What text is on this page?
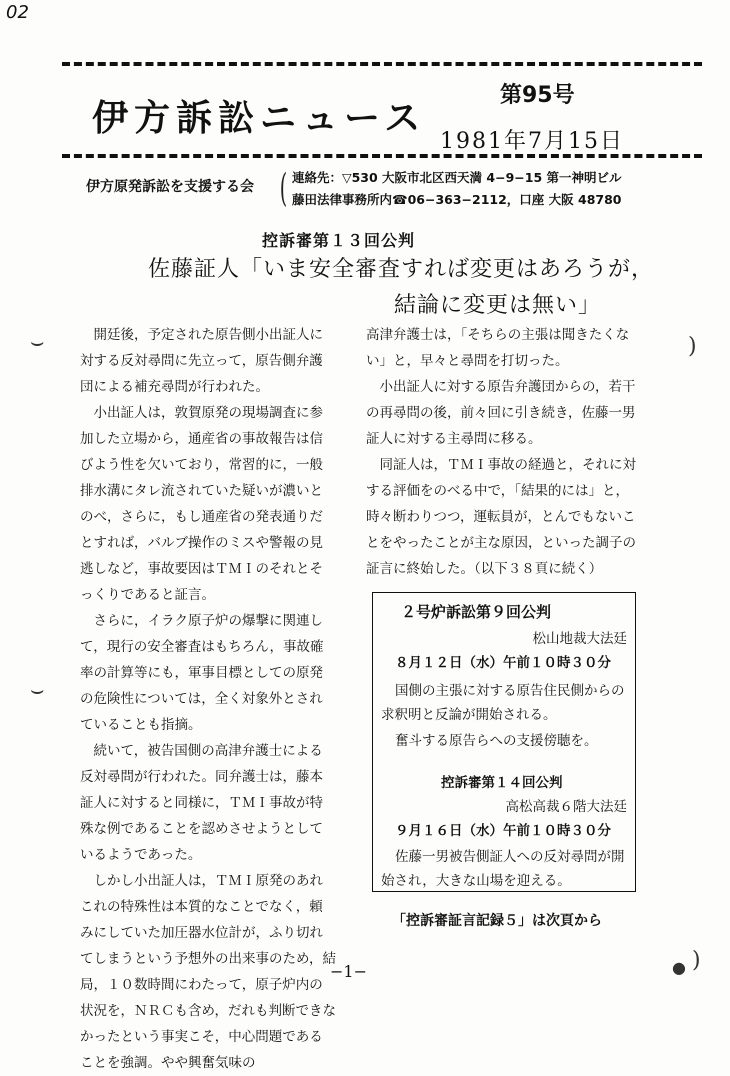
02
第95号
伊方訴訟ニュース
1981年7月15日
伊方原発訴訟を支援する会 ( 連絡先：▽530 大阪市北区西天満 4−9−15 第一神明ビル
藤田法律事務所内☎06−363−2112，口座 大阪 48780
控訴審第１３回公判
佐藤証人「いま安全審査すれば変更はあろうが，
結論に変更は無い」

開廷後，予定された原告側小出証人に対する反対尋問に先立って，原告側弁護団による補充尋問が行われた。

小出証人は，敦賀原発の現場調査に参加した立場から，通産省の事故報告は信びよう性を欠いており，常習的に，一般排水溝にタレ流されていた疑いが濃いとのべ，さらに，もし通産省の発表通りだとすれば，バルブ操作のミスや警報の見逃しなど，事故要因はＴＭＩのそれとそっくりであると証言。

さらに，イラク原子炉の爆撃に関連して，現行の安全審査はもちろん，事故確率の計算等にも，軍事目標としての原発の危険性については，全く対象外とされていることも指摘。

続いて，被告国側の高津弁護士による反対尋問が行われた。同弁護士は，藤本証人に対すると同様に，ＴＭＩ事故が特殊な例であることを認めさせようとしているようであった。

しかし小出証人は，ＴＭＩ原発のあれこれの特殊性は本質的なことでなく，頼みにしていた加圧器水位計が，ふり切れてしまうという予想外の出来事のため，結局，１０数時間にわたって，原子炉内の状況を，ＮＲＣも含め，だれも判断できなかったという事実こそ，中心問題であることを強調。やや興奮気味の

高津弁護士は，「そちらの主張は聞きたくない」と，早々と尋問を打切った。

小出証人に対する原告弁護団からの，若干の再尋問の後，前々回に引き続き，佐藤一男証人に対する主尋問に移る。

同証人は，ＴＭＩ事故の経過と，それに対する評価をのべる中で，「結果的には」と，時々断わりつつ，運転員が，とんでもないことをやったことが主な原因，といった調子の証言に終始した。（以下３８頁に続く）

２号炉訴訟第９回公判
松山地裁大法廷
８月１２日（水）午前１０時３０分
国側の主張に対する原告住民側からの
求釈明と反論が開始される。
奮斗する原告らへの支援傍聴を。
控訴審第１４回公判
高松高裁６階大法廷
９月１６日（水）午前１０時３０分
佐藤一男被告側証人への反対尋問が開
始され，大きな山場を迎える。
「控訴審証言記録５」は次頁から
−1−
⌣
⌣
)
)
●
